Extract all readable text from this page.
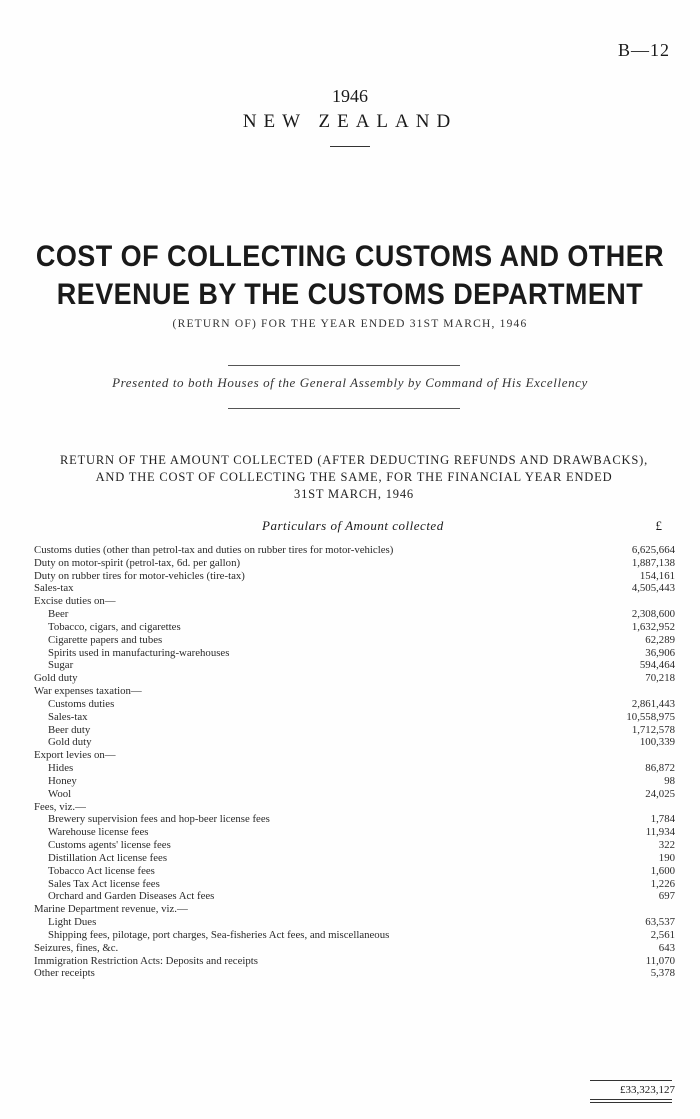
B—12
1946
NEW ZEALAND
COST OF COLLECTING CUSTOMS AND OTHER
REVENUE BY THE CUSTOMS DEPARTMENT
(RETURN OF) FOR THE YEAR ENDED 31ST MARCH, 1946
Presented to both Houses of the General Assembly by Command of His Excellency
RETURN OF THE AMOUNT COLLECTED (AFTER DEDUCTING REFUNDS AND DRAWBACKS),
AND THE COST OF COLLECTING THE SAME, FOR THE FINANCIAL YEAR ENDED
31ST MARCH, 1946
Particulars of Amount collected	£
Customs duties (other than petrol-tax and duties on rubber tires for motor-vehicles)	6,625,664
Duty on motor-spirit (petrol-tax, 6d. per gallon)	1,887,138
Duty on rubber tires for motor-vehicles (tire-tax)	154,161
Sales-tax	4,505,443
Excise duties on—
Beer	2,308,600
Tobacco, cigars, and cigarettes	1,632,952
Cigarette papers and tubes	62,289
Spirits used in manufacturing-warehouses	36,906
Sugar	594,464
Gold duty	70,218
War expenses taxation—
Customs duties	2,861,443
Sales-tax	10,558,975
Beer duty	1,712,578
Gold duty	100,339
Export levies on—
Hides	86,872
Honey	98
Wool	24,025
Fees, viz.—
Brewery supervision fees and hop-beer license fees	1,784
Warehouse license fees	11,934
Customs agents' license fees	322
Distillation Act license fees	190
Tobacco Act license fees	1,600
Sales Tax Act license fees	1,226
Orchard and Garden Diseases Act fees	697
Marine Department revenue, viz.—
Light Dues	63,537
Shipping fees, pilotage, port charges, Sea-fisheries Act fees, and miscellaneous	2,561
Seizures, fines, &c.	643
Immigration Restriction Acts: Deposits and receipts	11,070
Other receipts	5,378
£33,323,127
